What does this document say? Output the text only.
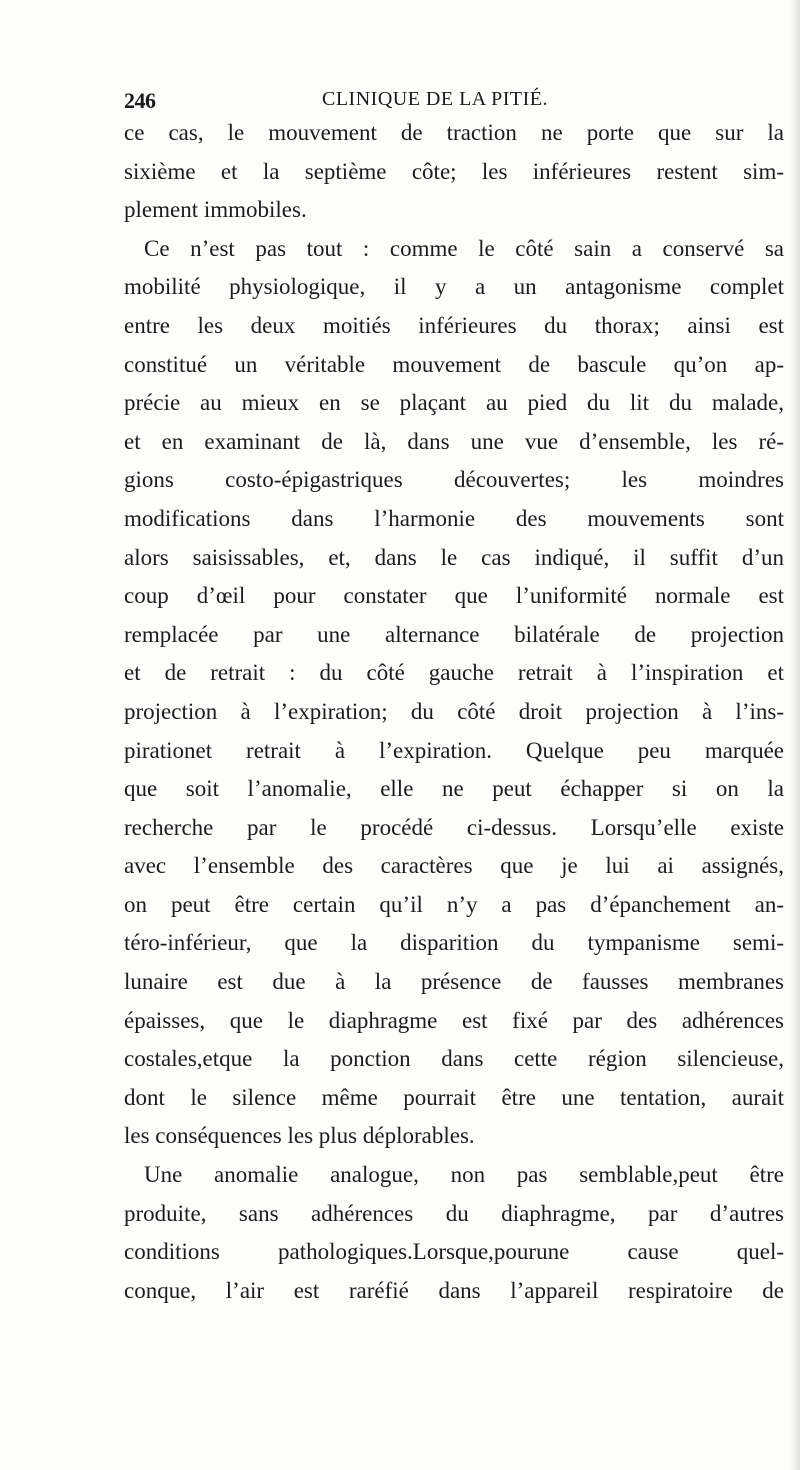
246	CLINIQUE DE LA PITIÉ.
ce cas, le mouvement de traction ne porte que sur la
sixième et la septième côte; les inférieures restent sim-
plement immobiles.
Ce n’est pas tout : comme le côté sain a conservé sa
mobilité physiologique, il y a un antagonisme complet
entre les deux moitiés inférieures du thorax; ainsi est
constitué un véritable mouvement de bascule qu’on ap-
précie au mieux en se plaçant au pied du lit du malade,
et en examinant de là, dans une vue d’ensemble, les ré-
gions costo-épigastriques découvertes; les moindres
modifications dans l’harmonie des mouvements sont
alors saisissables, et, dans le cas indiqué, il suffit d’un
coup d’œil pour constater que l’uniformité normale est
remplacée par une alternance bilatérale de projection
et de retrait : du côté gauche retrait à l’inspiration et
projection à l’expiration; du côté droit projection à l’ins-
pirationet retrait à l’expiration. Quelque peu marquée
que soit l’anomalie, elle ne peut échapper si on la
recherche par le procédé ci-dessus. Lorsqu’elle existe
avec l’ensemble des caractères que je lui ai assignés,
on peut être certain qu’il n’y a pas d’épanchement an-
téro-inférieur, que la disparition du tympanisme semi-
lunaire est due à la présence de fausses membranes
épaisses, que le diaphragme est fixé par des adhérences
costales,etque la ponction dans cette région silencieuse,
dont le silence même pourrait être une tentation, aurait
les conséquences les plus déplorables.
Une anomalie analogue, non pas semblable,peut être
produite, sans adhérences du diaphragme, par d’autres
conditions pathologiques.Lorsque,pourune cause quel-
conque, l’air est raréfié dans l’appareil respiratoire de
